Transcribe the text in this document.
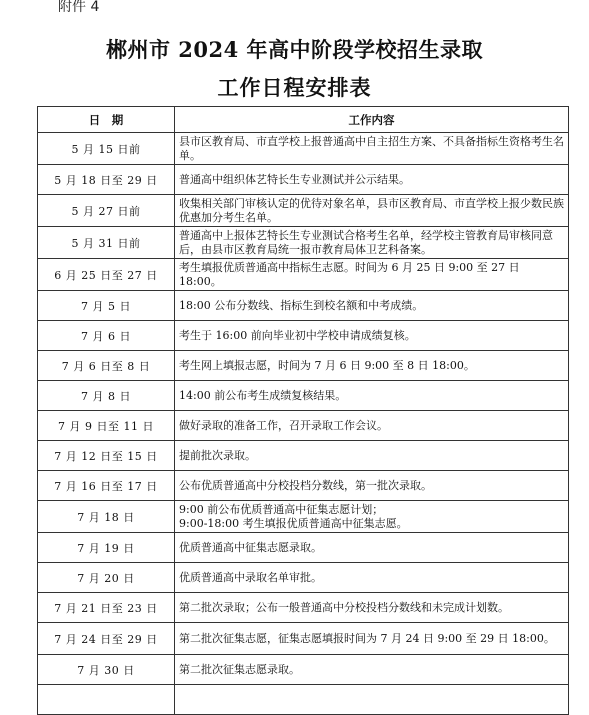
附件 4
郴州市 2024 年高中阶段学校招生录取
工作日程安排表
日　期	工作内容
5 月 15 日前	县市区教育局、市直学校上报普通高中自主招生方案、不具备指标生资格考生名单。
5 月 18 日至 29 日	普通高中组织体艺特长生专业测试并公示结果。
5 月 27 日前	收集相关部门审核认定的优待对象名单，县市区教育局、市直学校上报少数民族优惠加分考生名单。
5 月 31 日前	普通高中上报体艺特长生专业测试合格考生名单，经学校主管教育局审核同意后，由县市区教育局统一报市教育局体卫艺科备案。
6 月 25 日至 27 日	考生填报优质普通高中指标生志愿。时间为 6 月 25 日 9:00 至 27 日 18:00。
7 月 5 日	18:00 公布分数线、指标生到校名额和中考成绩。
7 月 6 日	考生于 16:00 前向毕业初中学校申请成绩复核。
7 月 6 日至 8 日	考生网上填报志愿，时间为 7 月 6 日 9:00 至 8 日 18:00。
7 月 8 日	14:00 前公布考生成绩复核结果。
7 月 9 日至 11 日	做好录取的准备工作，召开录取工作会议。
7 月 12 日至 15 日	提前批次录取。
7 月 16 日至 17 日	公布优质普通高中分校投档分数线，第一批次录取。
7 月 18 日	9:00 前公布优质普通高中征集志愿计划；
9:00-18:00 考生填报优质普通高中征集志愿。
7 月 19 日	优质普通高中征集志愿录取。
7 月 20 日	优质普通高中录取名单审批。
7 月 21 日至 23 日	第二批次录取；公布一般普通高中分校投档分数线和未完成计划数。
7 月 24 日至 29 日	第二批次征集志愿，征集志愿填报时间为 7 月 24 日 9:00 至 29 日 18:00。
7 月 30 日	第二批次征集志愿录取。
